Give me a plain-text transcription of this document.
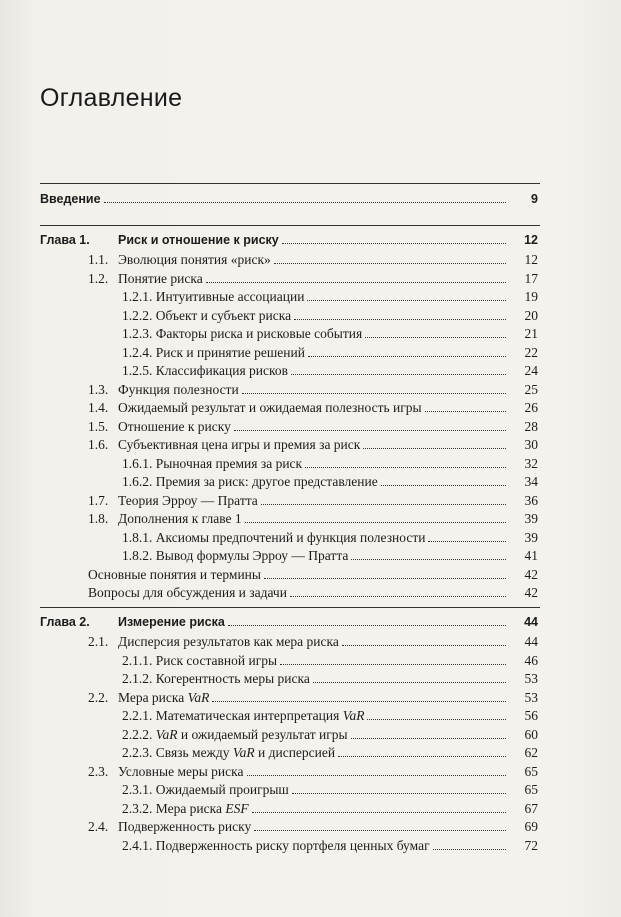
Оглавление
Введение	9
Глава 1. Риск и отношение к риску	12
1.1. Эволюция понятия «риск»	12
1.2. Понятие риска	17
1.2.1. Интуитивные ассоциации	19
1.2.2. Объект и субъект риска	20
1.2.3. Факторы риска и рисковые события	21
1.2.4. Риск и принятие решений	22
1.2.5. Классификация рисков	24
1.3. Функция полезности	25
1.4. Ожидаемый результат и ожидаемая полезность игры	26
1.5. Отношение к риску	28
1.6. Субъективная цена игры и премия за риск	30
1.6.1. Рыночная премия за риск	32
1.6.2. Премия за риск: другое представление	34
1.7. Теория Эрроу — Пратта	36
1.8. Дополнения к главе 1	39
1.8.1. Аксиомы предпочтений и функция полезности	39
1.8.2. Вывод формулы Эрроу — Пратта	41
Основные понятия и термины	42
Вопросы для обсуждения и задачи	42
Глава 2. Измерение риска	44
2.1. Дисперсия результатов как мера риска	44
2.1.1. Риск составной игры	46
2.1.2. Когерентность меры риска	53
2.2. Мера риска VaR	53
2.2.1. Математическая интерпретация VaR	56
2.2.2. VaR и ожидаемый результат игры	60
2.2.3. Связь между VaR и дисперсией	62
2.3. Условные меры риска	65
2.3.1. Ожидаемый проигрыш	65
2.3.2. Мера риска ESF	67
2.4. Подверженность риску	69
2.4.1. Подверженность риску портфеля ценных бумаг	72
